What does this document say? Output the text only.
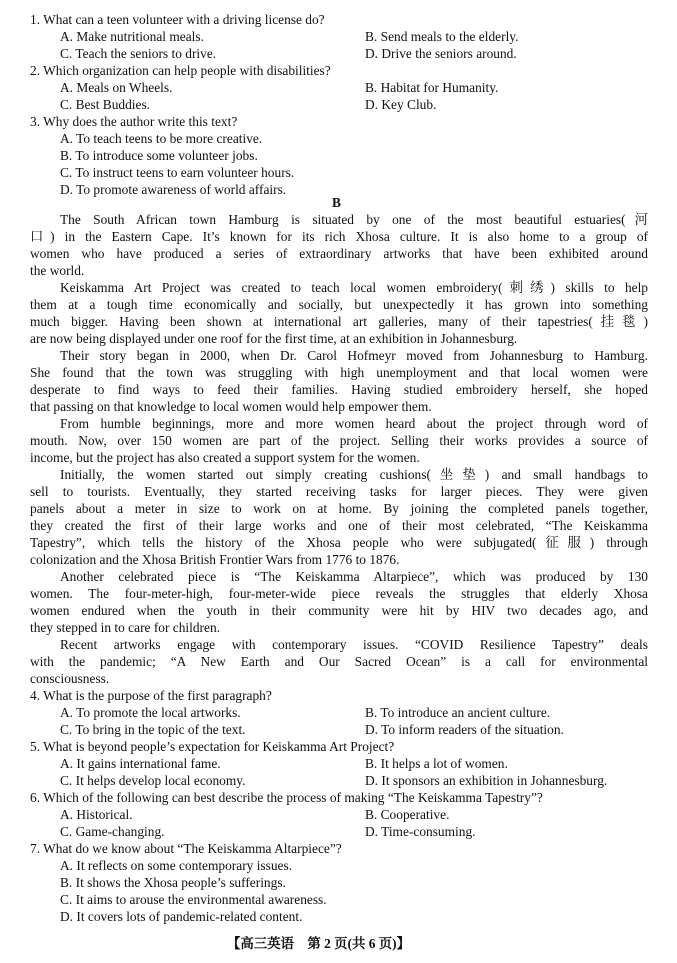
1. What can a teen volunteer with a driving license do?
A. Make nutritional meals.	B. Send meals to the elderly.
C. Teach the seniors to drive.	D. Drive the seniors around.
2. Which organization can help people with disabilities?
A. Meals on Wheels.	B. Habitat for Humanity.
C. Best Buddies.	D. Key Club.
3. Why does the author write this text?
A. To teach teens to be more creative.
B. To introduce some volunteer jobs.
C. To instruct teens to earn volunteer hours.
D. To promote awareness of world affairs.
B
The South African town Hamburg is situated by one of the most beautiful estuaries(河
口) in the Eastern Cape. It’s known for its rich Xhosa culture. It is also home to a group of
women who have produced a series of extraordinary artworks that have been exhibited around
the world.
Keiskamma Art Project was created to teach local women embroidery(刺绣) skills to help
them at a tough time economically and socially, but unexpectedly it has grown into something
much bigger. Having been shown at international art galleries, many of their tapestries(挂毯)
are now being displayed under one roof for the first time, at an exhibition in Johannesburg.
Their story began in 2000, when Dr. Carol Hofmeyr moved from Johannesburg to Hamburg.
She found that the town was struggling with high unemployment and that local women were
desperate to find ways to feed their families. Having studied embroidery herself, she hoped
that passing on that knowledge to local women would help empower them.
From humble beginnings, more and more women heard about the project through word of
mouth. Now, over 150 women are part of the project. Selling their works provides a source of
income, but the project has also created a support system for the women.
Initially, the women started out simply creating cushions(坐垫) and small handbags to
sell to tourists. Eventually, they started receiving tasks for larger pieces. They were given
panels about a meter in size to work on at home. By joining the completed panels together,
they created the first of their large works and one of their most celebrated, “The Keiskamma
Tapestry”, which tells the history of the Xhosa people who were subjugated(征服) through
colonization and the Xhosa British Frontier Wars from 1776 to 1876.
Another celebrated piece is “The Keiskamma Altarpiece”, which was produced by 130
women. The four-meter-high, four-meter-wide piece reveals the struggles that elderly Xhosa
women endured when the youth in their community were hit by HIV two decades ago, and
they stepped in to care for children.
Recent artworks engage with contemporary issues. “COVID Resilience Tapestry” deals
with the pandemic; “A New Earth and Our Sacred Ocean” is a call for environmental
consciousness.
4. What is the purpose of the first paragraph?
A. To promote the local artworks.	B. To introduce an ancient culture.
C. To bring in the topic of the text.	D. To inform readers of the situation.
5. What is beyond people’s expectation for Keiskamma Art Project?
A. It gains international fame.	B. It helps a lot of women.
C. It helps develop local economy.	D. It sponsors an exhibition in Johannesburg.
6. Which of the following can best describe the process of making “The Keiskamma Tapestry”?
A. Historical.	B. Cooperative.
C. Game-changing.	D. Time-consuming.
7. What do we know about “The Keiskamma Altarpiece”?
A. It reflects on some contemporary issues.
B. It shows the Xhosa people’s sufferings.
C. It aims to arouse the environmental awareness.
D. It covers lots of pandemic-related content.
【高三英语　第 2 页(共 6 页)】
